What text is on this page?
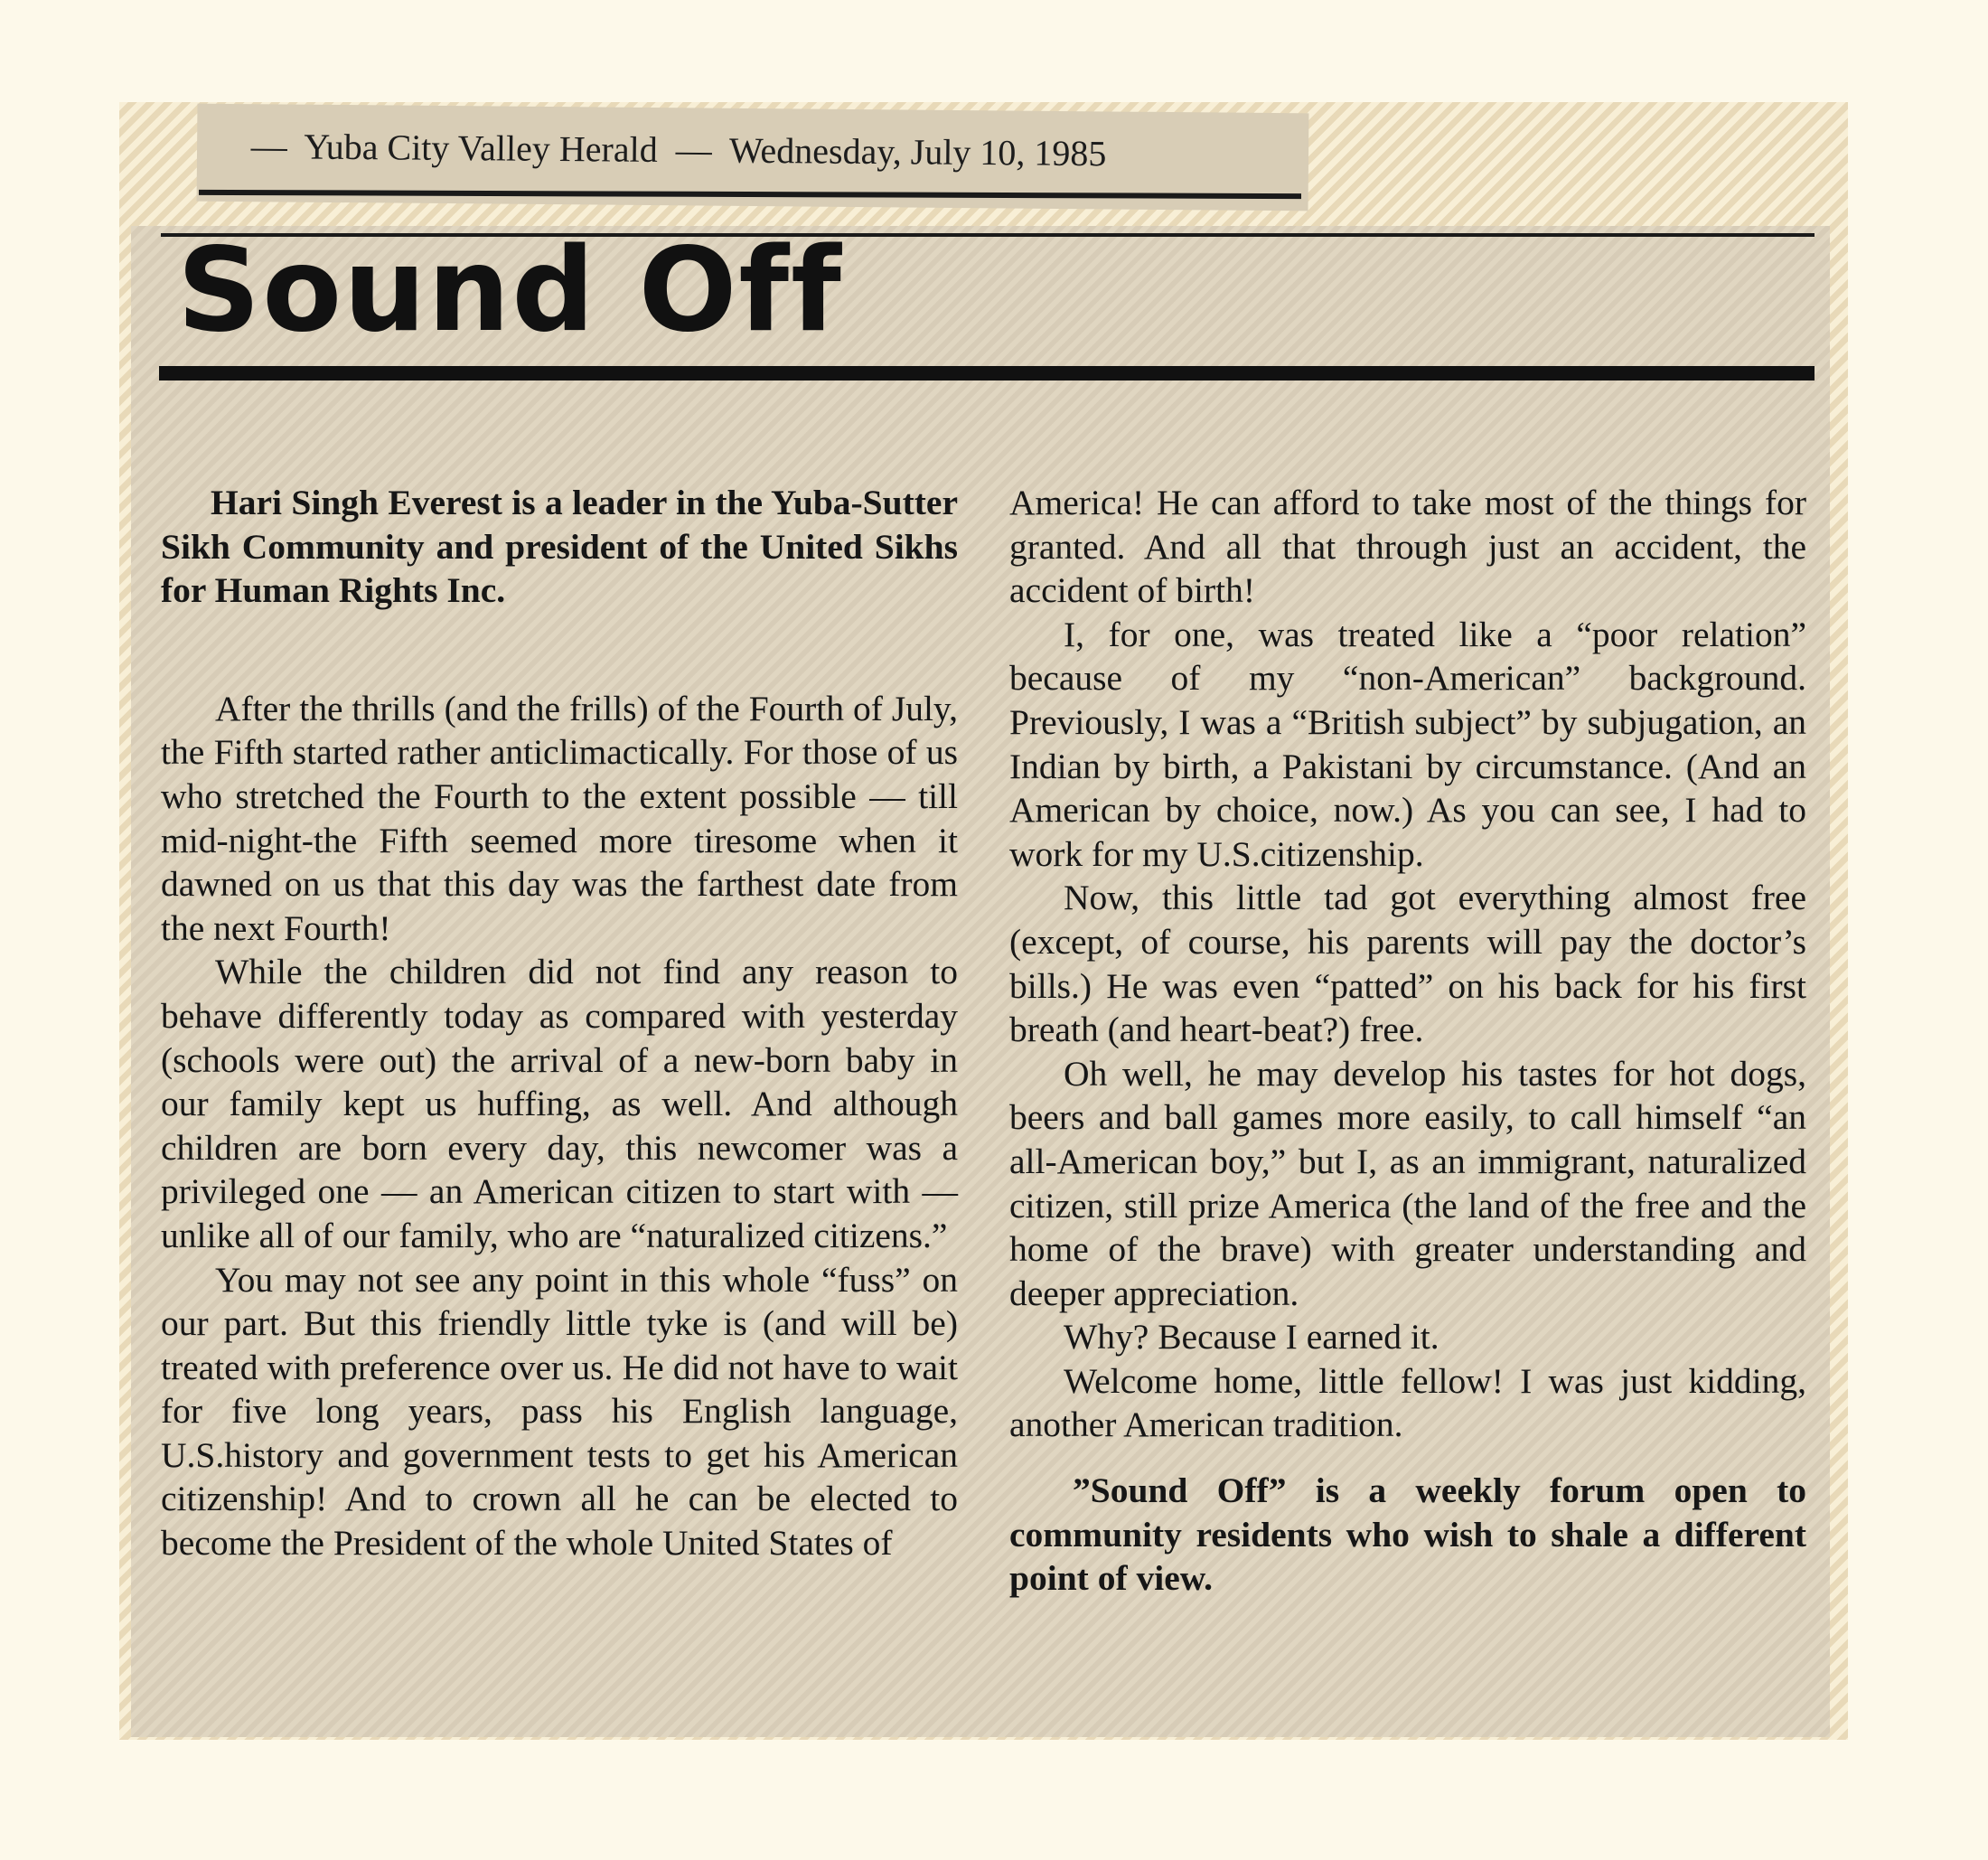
— Yuba City Valley Herald — Wednesday, July 10, 1985
Sound Off

Hari Singh Everest is a leader in the Yuba-Sutter Sikh Community and president of the United Sikhs for Human Rights Inc.

After the thrills (and the frills) of the Fourth of July, the Fifth started rather anticlimactically. For those of us who stretched the Fourth to the extent possible — till mid-night-the Fifth seemed more tiresome when it dawned on us that this day was the farthest date from the next Fourth!

While the children did not find any reason to behave differently today as compared with yesterday (schools were out) the arrival of a new-born baby in our family kept us huffing, as well. And although children are born every day, this newcomer was a privileged one — an American citizen to start with — unlike all of our family, who are “naturalized citizens.”

You may not see any point in this whole “fuss” on our part. But this friendly little tyke is (and will be) treated with preference over us. He did not have to wait for five long years, pass his English language, U.S.history and government tests to get his American citizenship! And to crown all he can be elected to become the President of the whole United States of

America! He can afford to take most of the things for granted. And all that through just an accident, the accident of birth!

I, for one, was treated like a “poor relation” because of my “non-American” background. Previously, I was a “British subject” by subjugation, an Indian by birth, a Pakistani by circumstance. (And an American by choice, now.) As you can see, I had to work for my U.S.citizenship.

Now, this little tad got everything almost free (except, of course, his parents will pay the doctor’s bills.) He was even “patted” on his back for his first breath (and heart-beat?) free.

Oh well, he may develop his tastes for hot dogs, beers and ball games more easily, to call himself “an all-American boy,” but I, as an immigrant, naturalized citizen, still prize America (the land of the free and the home of the brave) with greater understanding and deeper appreciation.

Why? Because I earned it.

Welcome home, little fellow! I was just kidding, another American tradition.

”Sound Off” is a weekly forum open to community residents who wish to shale a different point of view.
